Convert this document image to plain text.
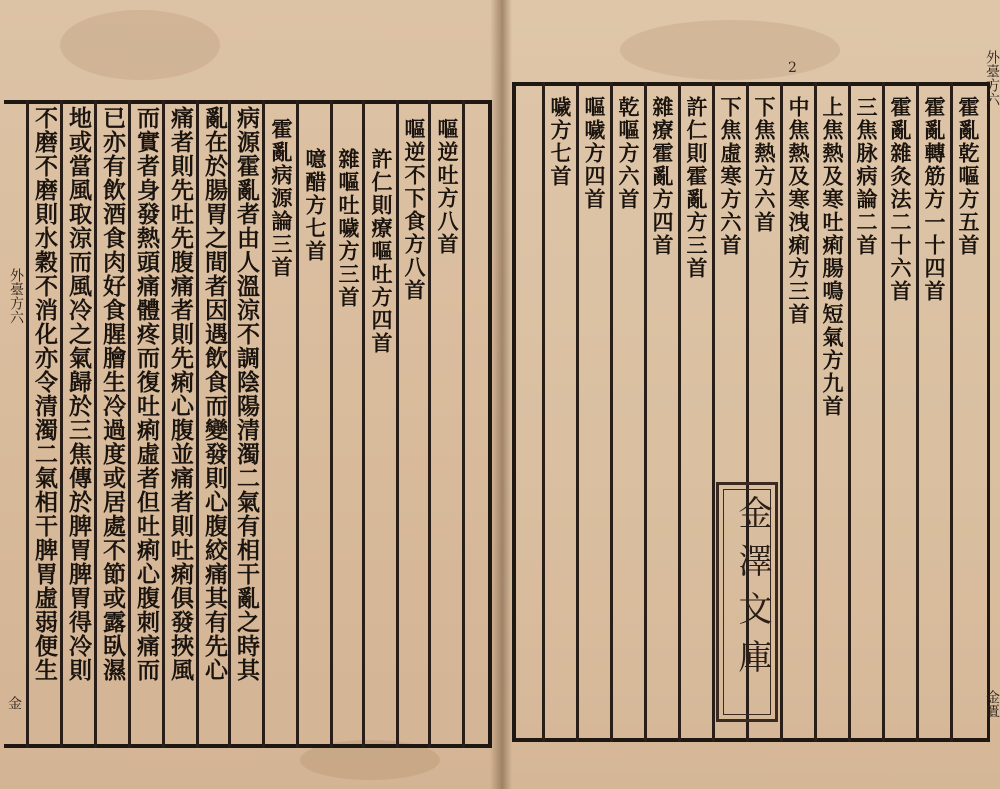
嘔逆吐方八首
嘔逆不下食方八首
許仁則療嘔吐方四首
雜嘔吐噦方三首
噫醋方七首
霍亂病源論三首
病源霍亂者由人溫涼不調陰陽清濁二氣有相干亂之時其
亂在於腸胃之間者因遇飲食而變發則心腹絞痛其有先心
痛者則先吐先腹痛者則先痢心腹並痛者則吐痢俱發挾風
而實者身發熱頭痛體疼而復吐痢虛者但吐痢心腹刺痛而
已亦有飲酒食肉好食腥膾生冷過度或居處不節或露臥濕
地或當風取涼而風冷之氣歸於三焦傳於脾胃脾胃得冷則
不磨不磨則水穀不消化亦令清濁二氣相干脾胃虛弱便生
外臺方六
金
2
霍亂乾嘔方五首
霍亂轉筋方一十四首
霍亂雜灸法二十六首
三焦脉病論二首
上焦熱及寒吐痢腸鳴短氣方九首
中焦熱及寒洩痢方三首
下焦熱方六首
下焦虛寒方六首
許仁則霍亂方三首
雜療霍亂方四首
乾嘔方六首
嘔噦方四首
噦方七首
金澤文庫
外臺方六
金匱
